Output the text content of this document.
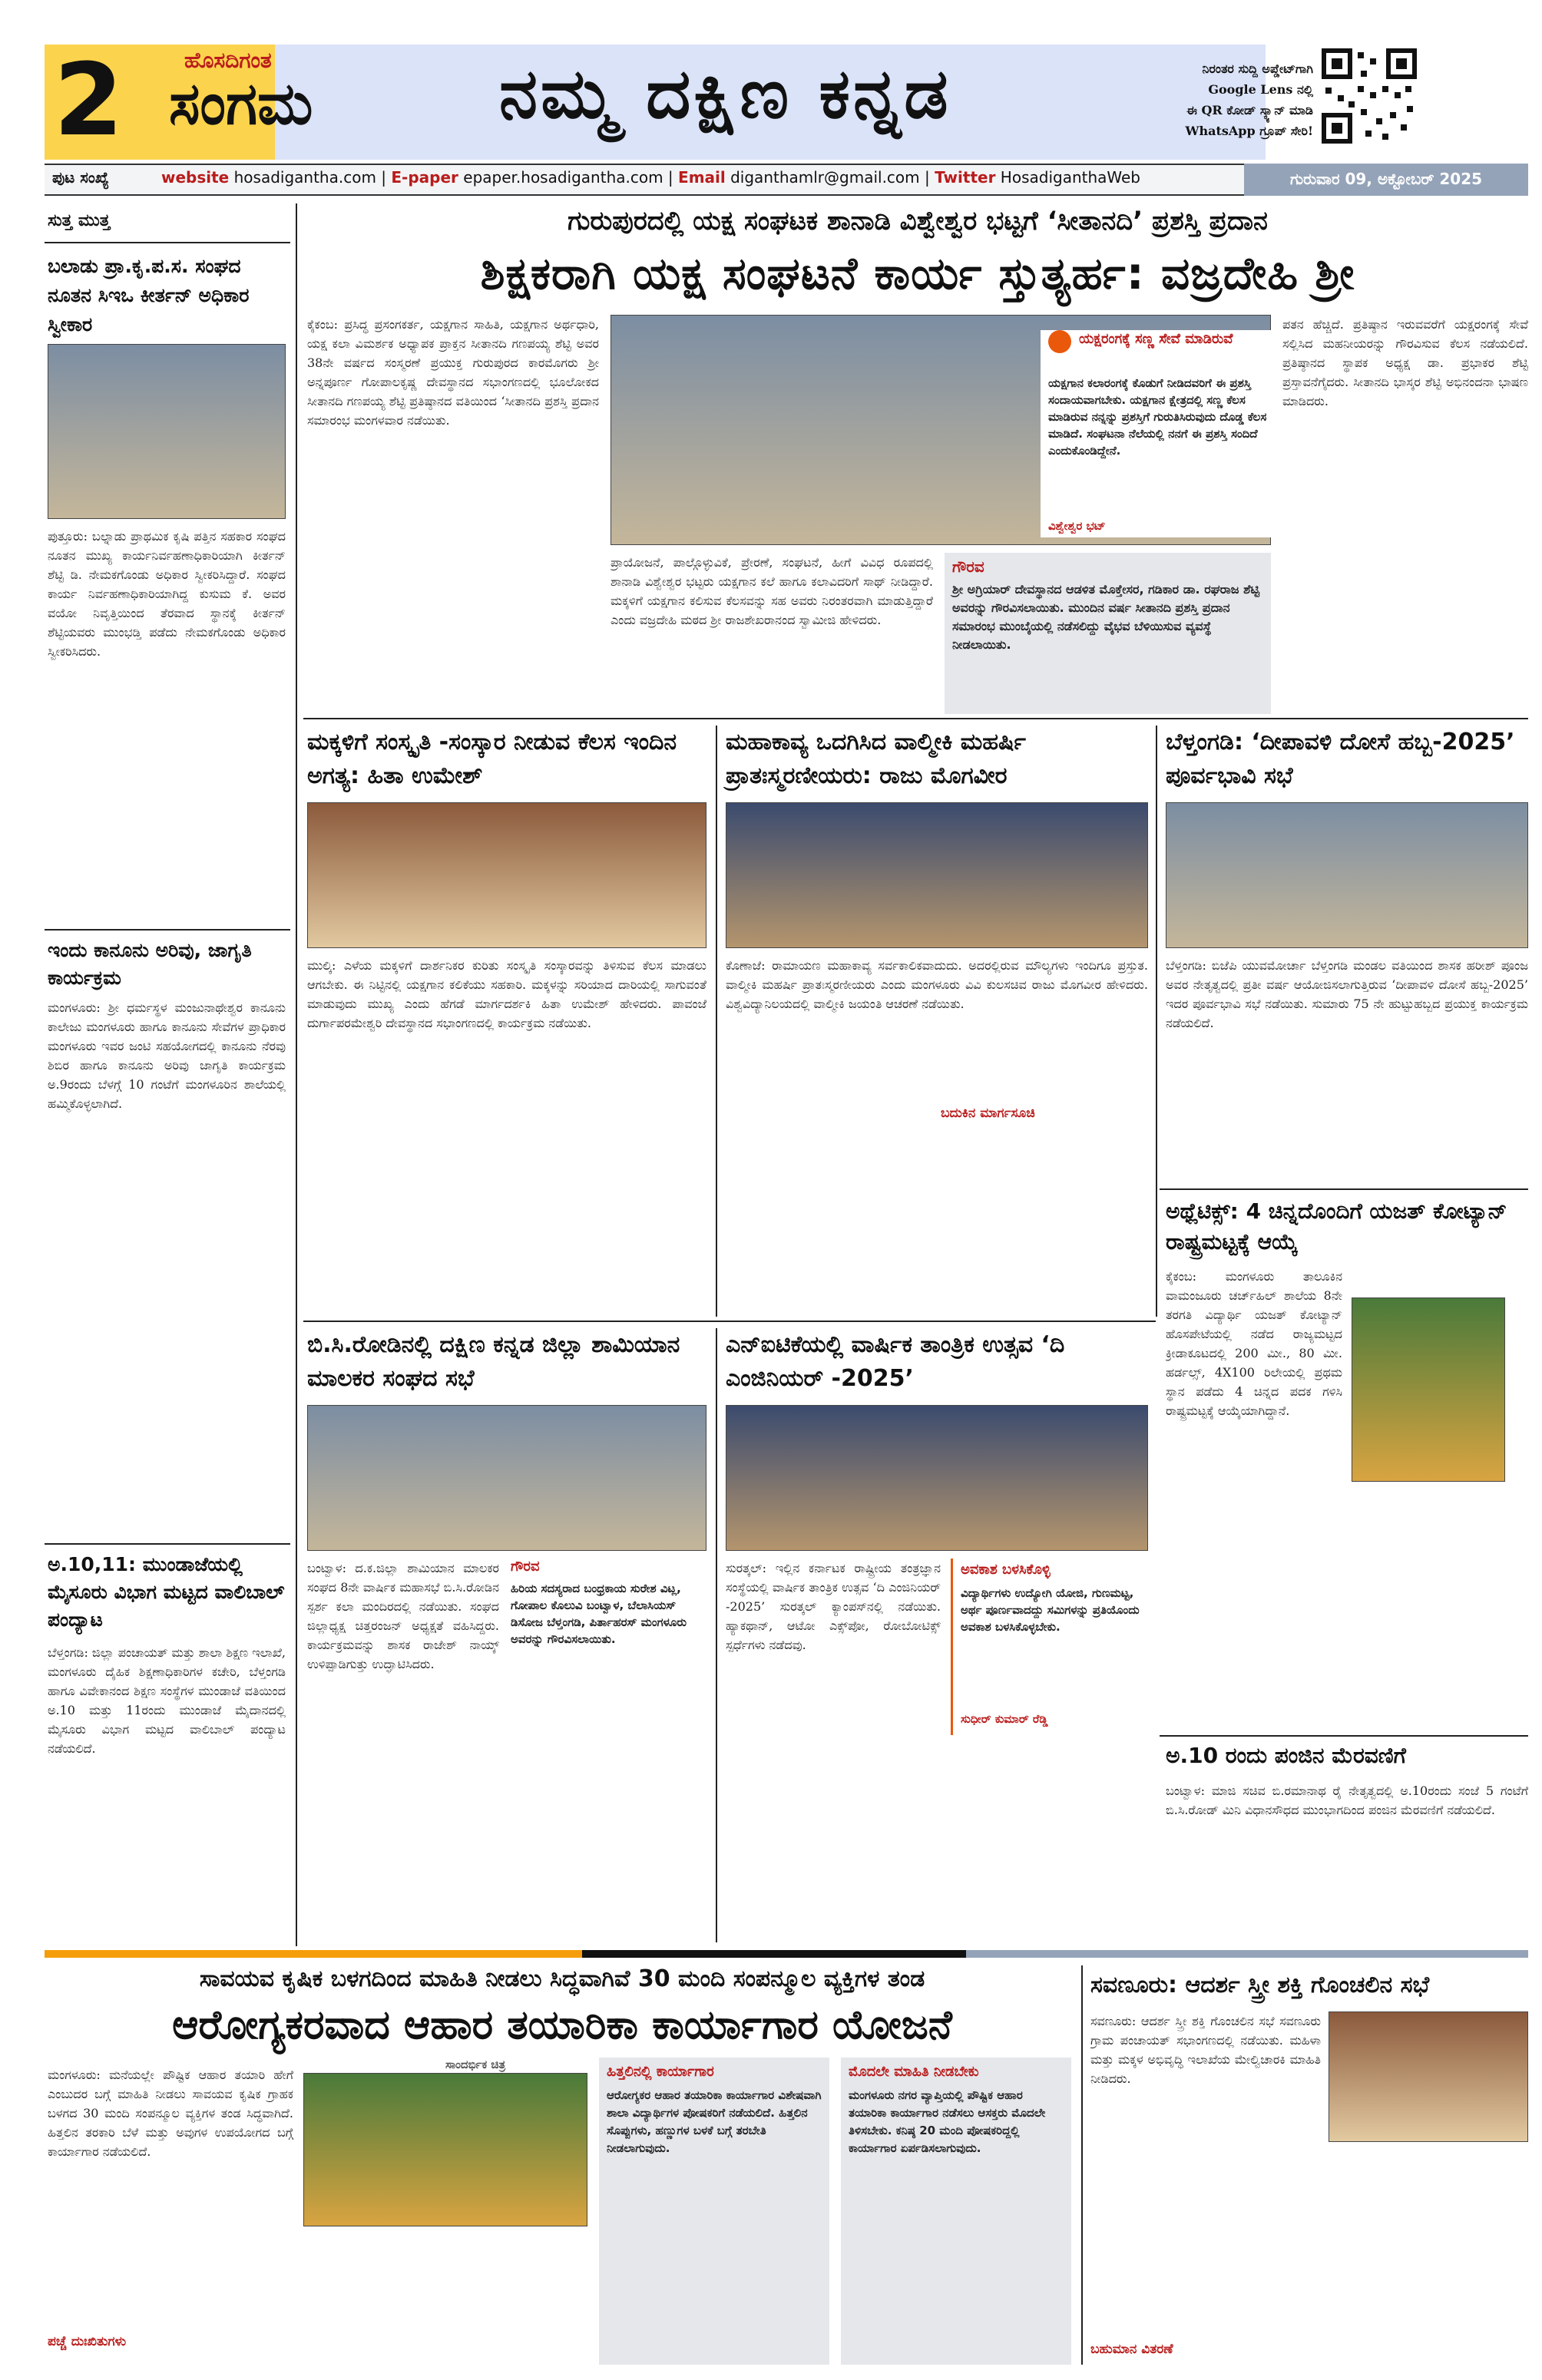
2	ಹೊಸದಿಗಂತ
ಸಂಗಮ	ನಮ್ಮ ದಕ್ಷಿಣ ಕನ್ನಡ	ನಿರಂತರ ಸುದ್ದಿ ಅಪ್ಡೇಟ್‌ಗಾಗಿ
Google Lens ನಲ್ಲಿ
ಈ QR ಕೋಡ್ ಸ್ಕ್ಯಾನ್ ಮಾಡಿ
WhatsApp ಗ್ರೂಪ್ ಸೇರಿ!
ಪುಟ ಸಂಖ್ಯೆ	website hosadigantha.com | E-paper epaper.hosadigantha.com | Email diganthamlr@gmail.com | Twitter HosadiganthaWeb	ಗುರುವಾರ 09, ಅಕ್ಟೋಬರ್ 2025
ಸುತ್ತ ಮುತ್ತ
ಬಲಾಡು ಪ್ರಾ.ಕೃ.ಪ.ಸ. ಸಂಘದ ನೂತನ ಸಿಇಒ ಕೀರ್ತನ್ ಅಧಿಕಾರ ಸ್ವೀಕಾರ
ಪುತ್ತೂರು: ಬಲ್ನಾಡು ಪ್ರಾಥಮಿಕ ಕೃಷಿ ಪತ್ತಿನ ಸಹಕಾರ ಸಂಘದ ನೂತನ ಮುಖ್ಯ ಕಾರ್ಯನಿರ್ವಹಣಾಧಿಕಾರಿಯಾಗಿ ಕೀರ್ತನ್ ಶೆಟ್ಟಿ ಡಿ. ನೇಮಕಗೊಂಡು ಅಧಿಕಾರ ಸ್ವೀಕರಿಸಿದ್ದಾರೆ. ಸಂಘದ ಕಾರ್ಯ ನಿರ್ವಹಣಾಧಿಕಾರಿಯಾಗಿದ್ದ ಕುಸುಮ ಕೆ. ಅವರ ವಯೋ ನಿವೃತ್ತಿಯಿಂದ ತೆರವಾದ ಸ್ಥಾನಕ್ಕೆ ಕೀರ್ತನ್ ಶೆಟ್ಟಿಯವರು ಮುಂಭಡ್ತಿ ಪಡೆದು ನೇಮಕಗೊಂಡು ಅಧಿಕಾರ ಸ್ವೀಕರಿಸಿದರು.
ಇಂದು ಕಾನೂನು ಅರಿವು, ಜಾಗೃತಿ ಕಾರ್ಯಕ್ರಮ
ಮಂಗಳೂರು: ಶ್ರೀ ಧರ್ಮಸ್ಥಳ ಮಂಜುನಾಥೇಶ್ವರ ಕಾನೂನು ಕಾಲೇಜು ಮಂಗಳೂರು ಹಾಗೂ ಕಾನೂನು ಸೇವೆಗಳ ಪ್ರಾಧಿಕಾರ ಮಂಗಳೂರು ಇವರ ಜಂಟಿ ಸಹಯೋಗದಲ್ಲಿ ಕಾನೂನು ನೆರವು ಶಿಬಿರ ಹಾಗೂ ಕಾನೂನು ಅರಿವು ಜಾಗೃತಿ ಕಾರ್ಯಕ್ರಮ ಅ.9ರಂದು ಬೆಳಗ್ಗೆ 10 ಗಂಟೆಗೆ ಮಂಗಳೂರಿನ ಶಾಲೆಯಲ್ಲಿ ಹಮ್ಮಿಕೊಳ್ಳಲಾಗಿದೆ.
ಅ.10,11: ಮುಂಡಾಜೆಯಲ್ಲಿ ಮೈಸೂರು ವಿಭಾಗ ಮಟ್ಟದ ವಾಲಿಬಾಲ್ ಪಂದ್ಯಾಟ
ಬೆಳ್ತಂಗಡಿ: ಜಿಲ್ಲಾ ಪಂಚಾಯತ್ ಮತ್ತು ಶಾಲಾ ಶಿಕ್ಷಣ ಇಲಾಖೆ, ಮಂಗಳೂರು ದೈಹಿಕ ಶಿಕ್ಷಣಾಧಿಕಾರಿಗಳ ಕಚೇರಿ, ಬೆಳ್ತಂಗಡಿ ಹಾಗೂ ವಿವೇಕಾನಂದ ಶಿಕ್ಷಣ ಸಂಸ್ಥೆಗಳ ಮುಂಡಾಜೆ ವತಿಯಿಂದ ಅ.10 ಮತ್ತು 11ರಂದು ಮುಂಡಾಜೆ ಮೈದಾನದಲ್ಲಿ ಮೈಸೂರು ವಿಭಾಗ ಮಟ್ಟದ ವಾಲಿಬಾಲ್ ಪಂದ್ಯಾಟ ನಡೆಯಲಿದೆ.
ಗುರುಪುರದಲ್ಲಿ ಯಕ್ಷ ಸಂಘಟಕ ಶಾನಾಡಿ ವಿಶ್ವೇಶ್ವರ ಭಟ್ಟಗೆ ‘ಸೀತಾನದಿ’ ಪ್ರಶಸ್ತಿ ಪ್ರದಾನ
ಶಿಕ್ಷಕರಾಗಿ ಯಕ್ಷ ಸಂಘಟನೆ ಕಾರ್ಯ ಸ್ತುತ್ಯರ್ಹ: ವಜ್ರದೇಹಿ ಶ್ರೀ
ಕೈಕಂಬ: ಪ್ರಸಿದ್ಧ ಪ್ರಸಂಗಕರ್ತ, ಯಕ್ಷಗಾನ ಸಾಹಿತಿ, ಯಕ್ಷಗಾನ ಅರ್ಥಧಾರಿ, ಯಕ್ಷ ಕಲಾ ವಿಮರ್ಶಕ ಅಧ್ಯಾಪಕ ಪ್ರಾಕ್ತನ ಸೀತಾನದಿ ಗಣಪಯ್ಯ ಶೆಟ್ಟಿ ಅವರ 38ನೇ ವರ್ಷದ ಸಂಸ್ಮರಣೆ ಪ್ರಯುಕ್ತ ಗುರುಪುರದ ಕಾರಮೊಗರು ಶ್ರೀ ಅನ್ನಪೂರ್ಣ ಗೋಪಾಲಕೃಷ್ಣ ದೇವಸ್ಥಾನದ ಸಭಾಂಗಣದಲ್ಲಿ ಭೂಲೋಕದ ಸೀತಾನದಿ ಗಣಪಯ್ಯ ಶೆಟ್ಟಿ ಪ್ರತಿಷ್ಠಾನದ ವತಿಯಿಂದ ‘ಸೀತಾನದಿ ಪ್ರಶಸ್ತಿ ಪ್ರದಾನ ಸಮಾರಂಭ ಮಂಗಳವಾರ ನಡೆಯಿತು.
ಪ್ರಾಯೋಜನೆ, ಪಾಲ್ಗೊಳ್ಳುವಿಕೆ, ಪ್ರೇರಣೆ, ಸಂಘಟನೆ, ಹೀಗೆ ವಿವಿಧ ರೂಪದಲ್ಲಿ ಶಾನಾಡಿ ವಿಶ್ವೇಶ್ವರ ಭಟ್ಟರು ಯಕ್ಷಗಾನ ಕಲೆ ಹಾಗೂ ಕಲಾವಿದರಿಗೆ ಸಾಥ್ ನೀಡಿದ್ದಾರೆ. ಮಕ್ಕಳಿಗೆ ಯಕ್ಷಗಾನ ಕಲಿಸುವ ಕೆಲಸವನ್ನು ಸಹ ಅವರು ನಿರಂತರವಾಗಿ ಮಾಡುತ್ತಿದ್ದಾರೆ ಎಂದು ವಜ್ರದೇಹಿ ಮಠದ ಶ್ರೀ ರಾಜಶೇಖರಾನಂದ ಸ್ವಾಮೀಜಿ ಹೇಳಿದರು.
ಗೌರವ
ಶ್ರೀ ಅಗ್ರಿಯಾರ್ ದೇವಸ್ಥಾನದ ಆಡಳಿತ ಮೊಕ್ತೇಸರ, ಗಡಿಕಾರ ಡಾ. ರಘರಾಜ ಶೆಟ್ಟಿ ಅವರನ್ನು ಗೌರವಿಸಲಾಯಿತು. ಮುಂದಿನ ವರ್ಷ ಸೀತಾನದಿ ಪ್ರಶಸ್ತಿ ಪ್ರದಾನ ಸಮಾರಂಭ ಮುಂಬೈಯಲ್ಲಿ ನಡೆಸಲಿದ್ದು ವೈಭವ ಬೆಳಿಯಿಸುವ ವ್ಯವಸ್ಥೆ ನೀಡಲಾಯಿತು.
ಯಕ್ಷರಂಗಕ್ಕೆ ಸಣ್ಣ ಸೇವೆ ಮಾಡಿರುವೆ
ಯಕ್ಷಗಾನ ಕಲಾರಂಗಕ್ಕೆ ಕೊಡುಗೆ ನೀಡಿದವರಿಗೆ ಈ ಪ್ರಶಸ್ತಿ ಸಂದಾಯವಾಗಬೇಕು. ಯಕ್ಷಗಾನ ಕ್ಷೇತ್ರದಲ್ಲಿ ಸಣ್ಣ ಕೆಲಸ ಮಾಡಿರುವ ನನ್ನನ್ನು ಪ್ರಶಸ್ತಿಗೆ ಗುರುತಿಸಿರುವುದು ದೊಡ್ಡ ಕೆಲಸ ಮಾಡಿದೆ. ಸಂಘಟನಾ ನೆಲೆಯಲ್ಲಿ ನನಗೆ ಈ ಪ್ರಶಸ್ತಿ ಸಂದಿದೆ ಎಂದುಕೊಂಡಿದ್ದೇನೆ.
ವಿಶ್ವೇಶ್ವರ ಭಟ್
ಪತನ ಹೆಚ್ಚಿದೆ. ಪ್ರತಿಷ್ಠಾನ ಇರುವವರೆಗೆ ಯಕ್ಷರಂಗಕ್ಕೆ ಸೇವೆ ಸಲ್ಲಿಸಿದ ಮಹನೀಯರನ್ನು ಗೌರವಿಸುವ ಕೆಲಸ ನಡೆಯಲಿದೆ. ಪ್ರತಿಷ್ಠಾನದ ಸ್ಥಾಪಕ ಅಧ್ಯಕ್ಷ ಡಾ. ಪ್ರಭಾಕರ ಶೆಟ್ಟಿ ಪ್ರಸ್ತಾವನೆಗೈದರು. ಸೀತಾನದಿ ಭಾಸ್ಕರ ಶೆಟ್ಟಿ ಅಭಿನಂದನಾ ಭಾಷಣ ಮಾಡಿದರು.
ಮಕ್ಕಳಿಗೆ ಸಂಸ್ಕೃತಿ -ಸಂಸ್ಕಾರ ನೀಡುವ ಕೆಲಸ ಇಂದಿನ ಅಗತ್ಯ: ಹಿತಾ ಉಮೇಶ್
ಮುಲ್ಕಿ: ಎಳೆಯ ಮಕ್ಕಳಿಗೆ ದಾರ್ಶನಿಕರ ಕುರಿತು ಸಂಸ್ಕೃತಿ ಸಂಸ್ಕಾರವನ್ನು ತಿಳಿಸುವ ಕೆಲಸ ಮಾಡಲು ಆಗಬೇಕು. ಈ ನಿಟ್ಟಿನಲ್ಲಿ ಯಕ್ಷಗಾನ ಕಲಿಕೆಯು ಸಹಕಾರಿ. ಮಕ್ಕಳನ್ನು ಸರಿಯಾದ ದಾರಿಯಲ್ಲಿ ಸಾಗುವಂತೆ ಮಾಡುವುದು ಮುಖ್ಯ ಎಂದು ಹೆಗಡೆ ಮಾರ್ಗದರ್ಶಕಿ ಹಿತಾ ಉಮೇಶ್ ಹೇಳಿದರು. ಪಾವಂಜೆ ದುರ್ಗಾಪರಮೇಶ್ವರಿ ದೇವಸ್ಥಾನದ ಸಭಾಂಗಣದಲ್ಲಿ ಕಾರ್ಯಕ್ರಮ ನಡೆಯಿತು.
ಮಹಾಕಾವ್ಯ ಒದಗಿಸಿದ ವಾಲ್ಮೀಕಿ ಮಹರ್ಷಿ ಪ್ರಾತಃಸ್ಮರಣೀಯರು: ರಾಜು ಮೊಗವೀರ
ಕೊಣಾಜೆ: ರಾಮಾಯಣ ಮಹಾಕಾವ್ಯ ಸರ್ವಕಾಲಿಕವಾದುದು. ಅದರಲ್ಲಿರುವ ಮೌಲ್ಯಗಳು ಇಂದಿಗೂ ಪ್ರಸ್ತುತ. ವಾಲ್ಮೀಕಿ ಮಹರ್ಷಿ ಪ್ರಾತಃಸ್ಮರಣೀಯರು ಎಂದು ಮಂಗಳೂರು ವಿವಿ ಕುಲಸಚಿವ ರಾಜು ಮೊಗವೀರ ಹೇಳಿದರು. ವಿಶ್ವವಿದ್ಯಾನಿಲಯದಲ್ಲಿ ವಾಲ್ಮೀಕಿ ಜಯಂತಿ ಆಚರಣೆ ನಡೆಯಿತು.
ಬದುಕಿನ ಮಾರ್ಗಸೂಚಿ
ಬೆಳ್ತಂಗಡಿ: ‘ದೀಪಾವಳಿ ದೋಸೆ ಹಬ್ಬ-2025’ ಪೂರ್ವಭಾವಿ ಸಭೆ
ಬೆಳ್ತಂಗಡಿ: ಬಿಜೆಪಿ ಯುವಮೋರ್ಚಾ ಬೆಳ್ತಂಗಡಿ ಮಂಡಲ ವತಿಯಿಂದ ಶಾಸಕ ಹರೀಶ್ ಪೂಂಜ ಅವರ ನೇತೃತ್ವದಲ್ಲಿ ಪ್ರತೀ ವರ್ಷ ಆಯೋಜಿಸಲಾಗುತ್ತಿರುವ ‘ದೀಪಾವಳಿ ದೋಸೆ ಹಬ್ಬ-2025’ ಇದರ ಪೂರ್ವಭಾವಿ ಸಭೆ ನಡೆಯಿತು. ಸುಮಾರು 75 ನೇ ಹುಟ್ಟುಹಬ್ಬದ ಪ್ರಯುಕ್ತ ಕಾರ್ಯಕ್ರಮ ನಡೆಯಲಿದೆ.
ಅಥ್ಲೆಟಿಕ್ಸ್: 4 ಚಿನ್ನದೊಂದಿಗೆ ಯಜತ್ ಕೋಟ್ಯಾನ್ ರಾಷ್ಟ್ರಮಟ್ಟಕ್ಕೆ ಆಯ್ಕೆ
ಕೈಕಂಬ: ಮಂಗಳೂರು ತಾಲೂಕಿನ ವಾಮಂಜೂರು ಚರ್ಚ್‌ಹಿಲ್ ಶಾಲೆಯ 8ನೇ ತರಗತಿ ವಿದ್ಯಾರ್ಥಿ ಯಜತ್ ಕೋಟ್ಯಾನ್ ಹೊಸಪೇಟೆಯಲ್ಲಿ ನಡೆದ ರಾಜ್ಯಮಟ್ಟದ ಕ್ರೀಡಾಕೂಟದಲ್ಲಿ 200 ಮೀ., 80 ಮೀ. ಹರ್ಡಲ್ಸ್, 4X100 ರಿಲೇಯಲ್ಲಿ ಪ್ರಥಮ ಸ್ಥಾನ ಪಡೆದು 4 ಚಿನ್ನದ ಪದಕ ಗಳಿಸಿ ರಾಷ್ಟ್ರಮಟ್ಟಕ್ಕೆ ಆಯ್ಕೆಯಾಗಿದ್ದಾನೆ.
ಬಿ.ಸಿ.ರೋಡಿನಲ್ಲಿ ದಕ್ಷಿಣ ಕನ್ನಡ ಜಿಲ್ಲಾ ಶಾಮಿಯಾನ ಮಾಲಕರ ಸಂಘದ ಸಭೆ
ಬಂಟ್ವಾಳ: ದ.ಕ.ಜಿಲ್ಲಾ ಶಾಮಿಯಾನ ಮಾಲಕರ ಸಂಘದ 8ನೇ ವಾರ್ಷಿಕ ಮಹಾಸಭೆ ಬಿ.ಸಿ.ರೋಡಿನ ಸ್ಪರ್ಶ ಕಲಾ ಮಂದಿರದಲ್ಲಿ ನಡೆಯಿತು. ಸಂಘದ ಜಿಲ್ಲಾಧ್ಯಕ್ಷ ಚಿತ್ತರಂಜನ್ ಅಧ್ಯಕ್ಷತೆ ವಹಿಸಿದ್ದರು. ಕಾರ್ಯಕ್ರಮವನ್ನು ಶಾಸಕ ರಾಜೇಶ್ ನಾಯ್ಕ್ ಉಳಿಪ್ಪಾಡಿಗುತ್ತು ಉದ್ಘಾಟಿಸಿದರು.
ಗೌರವ
ಹಿರಿಯ ಸದಸ್ಯರಾದ ಬಂಧ್ರಕಾಯ ಸುರೇಶ ವಿಟ್ಲ, ಗೋಪಾಲ ಕೊಲುವಿ ಬಂಟ್ವಾಳ, ಬೆಲಾಸಿಯಸ್ ಡಿಸೋಜ ಬೆಳ್ತಂಗಡಿ, ಪಿರ್ತಾಹರಸ್ ಮಂಗಳೂರು ಅವರನ್ನು ಗೌರವಿಸಲಾಯಿತು.
ಎನ್‌ಐಟಿಕೆಯಲ್ಲಿ ವಾರ್ಷಿಕ ತಾಂತ್ರಿಕ ಉತ್ಸವ ‘ದಿ ಎಂಜಿನಿಯರ್ -2025’
ಸುರತ್ಕಲ್: ಇಲ್ಲಿನ ಕರ್ನಾಟಕ ರಾಷ್ಟ್ರೀಯ ತಂತ್ರಜ್ಞಾನ ಸಂಸ್ಥೆಯಲ್ಲಿ ವಾರ್ಷಿಕ ತಾಂತ್ರಿಕ ಉತ್ಸವ ‘ದಿ ಎಂಜಿನಿಯರ್ -2025’ ಸುರತ್ಕಲ್ ಕ್ಯಾಂಪಸ್‌ನಲ್ಲಿ ನಡೆಯಿತು. ಹ್ಯಾಕಥಾನ್, ಆಟೋ ಎಕ್ಸ್‌ಪೋ, ರೋಬೋಟಿಕ್ಸ್ ಸ್ಪರ್ಧೆಗಳು ನಡೆದವು.
ಅವಕಾಶ ಬಳಸಿಕೊಳ್ಳಿ
ವಿದ್ಯಾರ್ಥಿಗಳು ಉದ್ಯೋಗಿ ಯೋಜಿ, ಗುಣಮಟ್ಟ, ಅರ್ಥ ಪೂರ್ಣವಾದದ್ದು ಸಮಿಗಳನ್ನು ಪ್ರತಿಯೊಂದು ಅವಕಾಶ ಬಳಸಿಕೊಳ್ಳಬೇಕು.
ಸುಧೀರ್ ಕುಮಾರ್ ರೆಡ್ಡಿ
ಅ.10 ರಂದು ಪಂಜಿನ ಮೆರವಣಿಗೆ
ಬಂಟ್ವಾಳ: ಮಾಜಿ ಸಚಿವ ಬಿ.ರಮಾನಾಥ ರೈ ನೇತೃತ್ವದಲ್ಲಿ ಅ.10ರಂದು ಸಂಜೆ 5 ಗಂಟೆಗೆ ಬಿ.ಸಿ.ರೋಡ್ ಮಿನಿ ವಿಧಾನಸೌಧದ ಮುಂಭಾಗದಿಂದ ಪಂಜಿನ ಮೆರವಣಿಗೆ ನಡೆಯಲಿದೆ.
ಸಾವಯವ ಕೃಷಿಕ ಬಳಗದಿಂದ ಮಾಹಿತಿ ನೀಡಲು ಸಿದ್ಧವಾಗಿವೆ 30 ಮಂದಿ ಸಂಪನ್ಮೂಲ ವ್ಯಕ್ತಿಗಳ ತಂಡ
ಆರೋಗ್ಯಕರವಾದ ಆಹಾರ ತಯಾರಿಕಾ ಕಾರ್ಯಾಗಾರ ಯೋಜನೆ
ಮಂಗಳೂರು: ಮನೆಯಲ್ಲೇ ಪೌಷ್ಟಿಕ ಆಹಾರ ತಯಾರಿ ಹೇಗೆ ಎಂಬುದರ ಬಗ್ಗೆ ಮಾಹಿತಿ ನೀಡಲು ಸಾವಯವ ಕೃಷಿಕ ಗ್ರಾಹಕ ಬಳಗದ 30 ಮಂದಿ ಸಂಪನ್ಮೂಲ ವ್ಯಕ್ತಿಗಳ ತಂಡ ಸಿದ್ಧವಾಗಿದೆ. ಹಿತ್ತಲಿನ ತರಕಾರಿ ಬೆಳೆ ಮತ್ತು ಅವುಗಳ ಉಪಯೋಗದ ಬಗ್ಗೆ ಕಾರ್ಯಾಗಾರ ನಡೆಯಲಿದೆ.
ಪಚ್ಚೆ ದುಃಖಿತುಗಳು
ಸಾಂದರ್ಭಿಕ ಚಿತ್ರ	ಹಿತ್ತಲಿನಲ್ಲಿ ಕಾರ್ಯಾಗಾರ
ಆರೋಗ್ಯಕರ ಆಹಾರ ತಯಾರಿಕಾ ಕಾರ್ಯಾಗಾರ ವಿಶೇಷವಾಗಿ ಶಾಲಾ ವಿದ್ಯಾರ್ಥಿಗಳ ಪೋಷಕರಿಗೆ ನಡೆಯಲಿದೆ. ಹಿತ್ತಲಿನ ಸೊಪ್ಪುಗಳು, ಹಣ್ಣುಗಳ ಬಳಕೆ ಬಗ್ಗೆ ತರಬೇತಿ ನೀಡಲಾಗುವುದು.
ಮೊದಲೇ ಮಾಹಿತಿ ನೀಡಬೇಕು
ಮಂಗಳೂರು ನಗರ ವ್ಯಾಪ್ತಿಯಲ್ಲಿ ಪೌಷ್ಟಿಕ ಆಹಾರ ತಯಾರಿಕಾ ಕಾರ್ಯಾಗಾರ ನಡೆಸಲು ಆಸಕ್ತರು ಮೊದಲೇ ತಿಳಿಸಬೇಕು. ಕನಿಷ್ಠ 20 ಮಂದಿ ಪೋಷಕರಿದ್ದಲ್ಲಿ ಕಾರ್ಯಾಗಾರ ಏರ್ಪಡಿಸಲಾಗುವುದು.
ಸವಣೂರು: ಆದರ್ಶ ಸ್ತ್ರೀ ಶಕ್ತಿ ಗೊಂಚಲಿನ ಸಭೆ
ಸವಣೂರು: ಆದರ್ಶ ಸ್ತ್ರೀ ಶಕ್ತಿ ಗೊಂಚಲಿನ ಸಭೆ ಸವಣೂರು ಗ್ರಾಮ ಪಂಚಾಯತ್ ಸಭಾಂಗಣದಲ್ಲಿ ನಡೆಯಿತು. ಮಹಿಳಾ ಮತ್ತು ಮಕ್ಕಳ ಅಭಿವೃದ್ಧಿ ಇಲಾಖೆಯ ಮೇಲ್ವಿಚಾರಕಿ ಮಾಹಿತಿ ನೀಡಿದರು.
ಬಹುಮಾನ ವಿತರಣೆ
